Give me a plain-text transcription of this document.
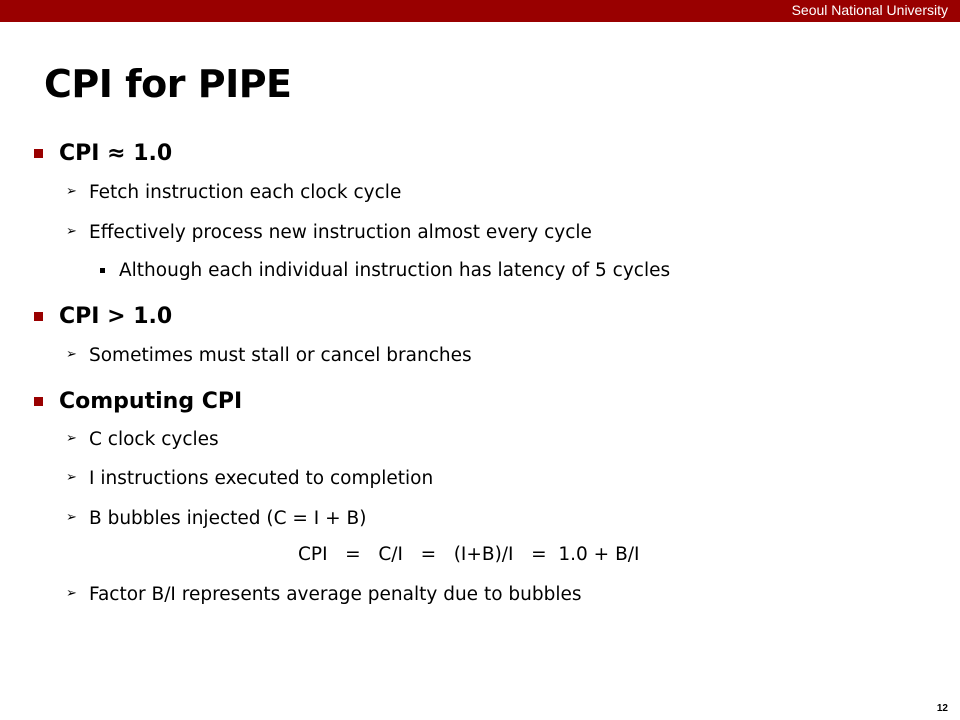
Seoul National University
CPI for PIPE
CPI ≈ 1.0
➢ Fetch instruction each clock cycle
➢ Effectively process new instruction almost every cycle
Although each individual instruction has latency of 5 cycles
CPI > 1.0
➢ Sometimes must stall or cancel branches
Computing CPI
➢ C clock cycles
➢ I instructions executed to completion
➢ B bubbles injected (C = I + B)
CPI   =   C/I   =   (I+B)/I   =  1.0 + B/I
➢ Factor B/I represents average penalty due to bubbles
12
